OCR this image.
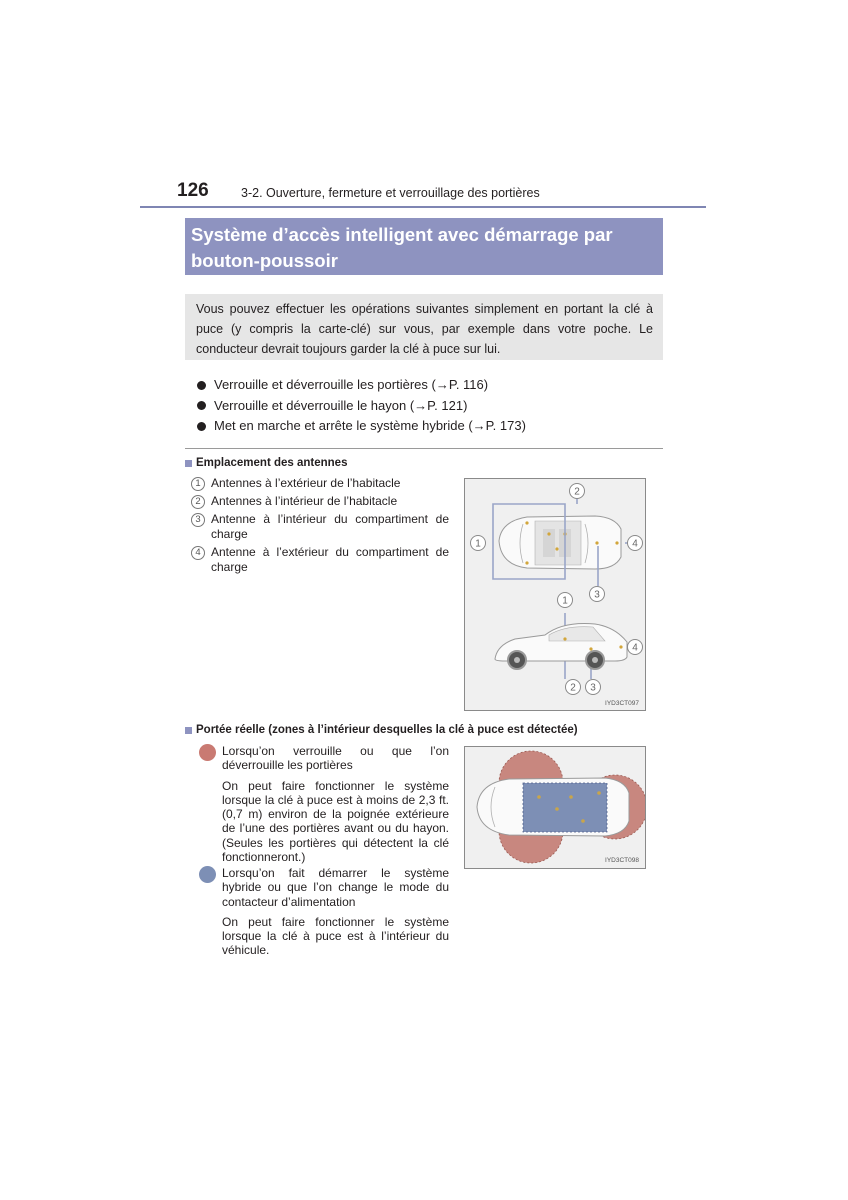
126	3-2. Ouverture, fermeture et verrouillage des portières
Système d’accès intelligent avec démarrage par
bouton-poussoir
Vous pouvez effectuer les opérations suivantes simplement en portant la clé à puce (y compris la carte-clé) sur vous, par exemple dans votre poche. Le conducteur devrait toujours garder la clé à puce sur lui.
Verrouille et déverrouille les portières (→P. 116)
Verrouille et déverrouille le hayon (→P. 121)
Met en marche et arrête le système hybride (→P. 173)
Emplacement des antennes
1 Antennes à l’extérieur de l’habitacle
2 Antennes à l’intérieur de l’habitacle
3 Antenne à l’intérieur du compartiment de charge
4 Antenne à l’extérieur du compartiment de charge
2
1	4
3
1
4
2 3
IYD3CT097
Portée réelle (zones à l’intérieur desquelles la clé à puce est détectée)
Lorsqu’on verrouille ou que l’on déverrouille les portières
On peut faire fonctionner le système lorsque la clé à puce est à moins de 2,3 ft. (0,7 m) environ de la poignée extérieure de l’une des portières avant ou du hayon. (Seules les portières qui détectent la clé fonctionneront.)
Lorsqu’on fait démarrer le système hybride ou que l’on change le mode du contacteur d’alimentation
On peut faire fonctionner le système lorsque la clé à puce est à l’intérieur du véhicule.
IYD3CT098
